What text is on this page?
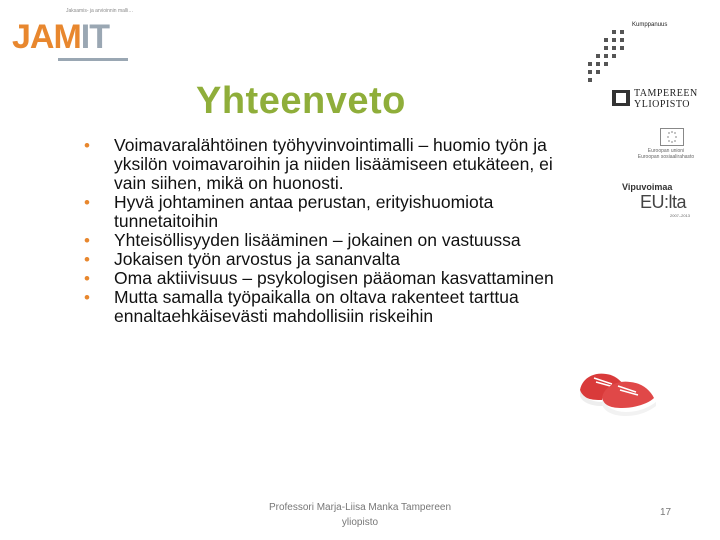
Jaksamis- ja arvioinnin malli…
JAMIT
Yhteenveto
Kumppanuus
TAMPEREEN
YLIOPISTO
Euroopan unioni
Euroopan sosiaalirahasto
Vipuvoimaa
EU:lta
2007–2013
• Voimavaralähtöinen työhyvinvointimalli – huomio työn ja yksilön voimavaroihin ja niiden lisäämiseen etukäteen, ei vain siihen, mikä on huonosti.
• Hyvä johtaminen antaa perustan, erityishuomiota tunnetaitoihin
• Yhteisöllisyyden lisääminen – jokainen on vastuussa
• Jokaisen työn arvostus ja sananvalta
• Oma aktiivisuus – psykologisen pääoman kasvattaminen
• Mutta samalla työpaikalla on oltava rakenteet tarttua ennaltaehkäisevästi mahdollisiin riskeihin
Professori Marja-Liisa Manka Tampereen yliopisto
17
